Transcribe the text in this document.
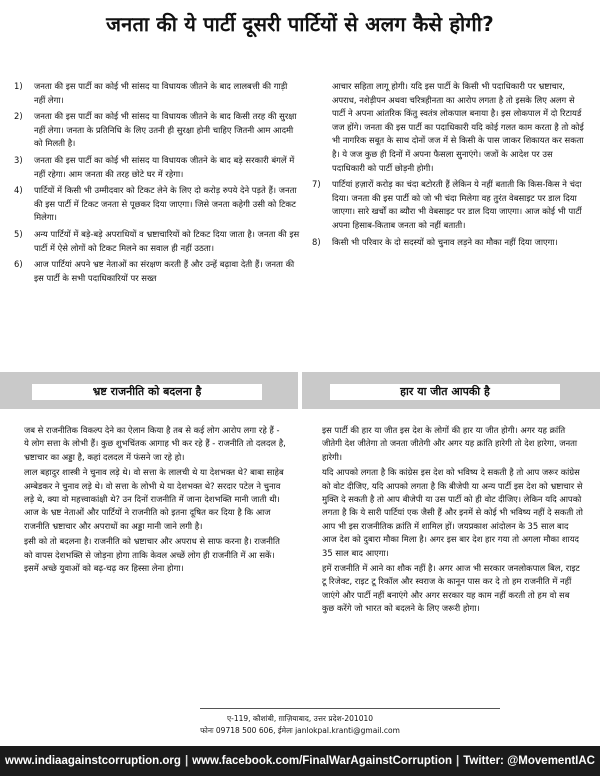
जनता की ये पार्टी दूसरी पार्टियों से अलग कैसे होगी?
1)	जनता की इस पार्टी का कोई भी सांसद या विधायक जीतने के बाद लालबत्ती की गाड़ी नहीं लेगा।
2)	जनता की इस पार्टी का कोई भी सांसद या विधायक जीतने के बाद किसी तरह की सुरक्षा नहीं लेगा। जनता के प्रतिनिधि के लिए उतनी ही सुरक्षा होनी चाहिए जितनी आम आदमी को मिलती है।
3)	जनता की इस पार्टी का कोई भी सांसद या विधायक जीतने के बाद बड़े सरकारी बंगलें में नहीं रहेगा। आम जनता की तरह छोटे घर में रहेगा।
4)	पार्टियों में किसी भी उम्मीदवार को टिकट लेने के लिए दो करोड़ रुपये देने पड़ते हैं। जनता की इस पार्टी में टिकट जनता से पूछकर दिया जाएगा। जिसे जनता कहेगी उसी को टिकट मिलेगा।
5)	अन्य पार्टियों में बड़े-बड़े अपराधियों व भ्रष्टाचारियों को टिकट दिया जाता है। जनता की इस पार्टी में ऐसे लोगों को टिकट मिलने का सवाल ही नहीं उठता।
6)	आज पार्टियां अपने भ्रष्ट नेताओं का संरक्षण करती हैं और उन्हें बढ़ावा देती हैं। जनता की इस पार्टी के सभी पदाधिकारियों पर सख्त

आचार सहिता लागू होगी। यदि इस पार्टी के किसी भी पदाधिकारी पर भ्रष्टाचार, अपराध, नशेड़ीपन अथवा चरित्रहीनता का आरोप लगता है तो इसके लिए अलग से पार्टी ने अपना आंतरिक किंतु स्वतंत्र लोकपाल बनाया है। इस लोकपाल में दो रिटायर्ड जज होंगे। जनता की इस पार्टी का पदाधिकारी यदि कोई गलत काम करता है तो कोई भी नागरिक सबूत के साथ दोनों जज में से किसी के पास जाकर शिकायत कर सकता है। ये जज कुछ ही दिनों में अपना फैसला सुनाएंगे। जजों के आदेश पर उस पदाधिकारी को पार्टी छोड़नी होगी।

7)	पार्टियां हज़ारों करोड़ का चंदा बटोरती हैं लेकिन ये नहीं बताती कि किस-किस ने चंदा दिया। जनता की इस पार्टी को जो भी चंदा मिलेगा वह तुरंत वेबसाइट पर डाल दिया जाएगा। सारे खर्चों का ब्यौरा भी वेबसाइट पर डाल दिया जाएगा। आज कोई भी पार्टी अपना हिसाब-किताब जनता को नहीं बताती।
8)	किसी भी परिवार के दो सदस्यों को चुनाव लड़ने का मौका नहीं दिया जाएगा।
भ्रष्ट राजनीति को बदलना है	हार या जीत आपकी है

जब से राजनीतिक विकल्प देने का ऐलान किया है तब से कई लोग आरोप लगा रहे हैं - ये लोग सत्ता के लोभी हैं। कुछ शुभचिंतक आगाह भी कर रहे हैं - राजनीति तो दलदल है, भ्रष्टाचार का अड्डा है, कहां दलदल में फंसने जा रहे हो।

लाल बहादुर शास्त्री ने चुनाव लड़े थे। वो सत्ता के लालची थे या देशभक्त थे? बाबा साहेब अम्बेडकर ने चुनाव लड़े थे। वो सत्ता के लोभी थे या देशभक्त थे? सरदार पटेल ने चुनाव लड़े थे, क्या वो महत्त्वाकांक्षी थे? उन दिनों राजनीति में जाना देशभक्ति मानी जाती थी। आज के भ्रष्ट नेताओं और पार्टियों ने राजनीति को इतना दूषित कर दिया है कि आज राजनीति भ्रष्टाचार और अपराधों का अड्डा मानी जाने लगी है।

इसी को तो बदलना है। राजनीति को भ्रष्टाचार और अपराध से साफ करना है। राजनीति को वापस देशभक्ति से जोड़ना होगा ताकि केवल अच्छें लोग ही राजनीति में आ सकें। इसमें अच्छे युवाओं को बढ़-चढ़ कर हिस्सा लेना होगा।

इस पार्टी की हार या जीत इस देश के लोगों की हार या जीत होगी। अगर यह क्रांति जीतेगी देश जीतेगा तो जनता जीतेगी और अगर यह क्रांति हारेगी तो देश हारेगा, जनता हारेगी।

यदि आपको लगता है कि कांग्रेस इस देश को भविष्य दे सकती है तो आप जरूर कांग्रेस को वोट दीजिए, यदि आपको लगता है कि बीजेपी या अन्य पार्टी इस देश को भ्रष्टाचार से मुक्ति दे सकती है तो आप बीजेपी या उस पार्टी को ही वोट दीजिए। लेकिन यदि आपको लगता है कि ये सारी पार्टियां एक जैसी हैं और इनमें से कोई भी भविष्य नहीं दे सकती तो आप भी इस राजनीतिक क्रांति में शामिल हों। जयप्रकाश आंदोलन के 35 साल बाद आज देश को दुबारा मौका मिला है। अगर इस बार देश हार गया तो अगला मौका शायद 35 साल बाद आएगा।

हमें राजनीति में आने का शौक नहीं है। अगर आज भी सरकार जनलोकपाल बिल, राइट टू रिजेक्ट, राइट टू रिकॉल और स्वराज के कानून पास कर दे तो हम राजनीति में नहीं जाएंगे और पार्टी नहीं बनाएंगे और अगर सरकार यह काम नहीं करती तो हम वो सब कुछ करेंगे जो भारत को बदलने के लिए जरूरी होगा।

ए-119, कौशांबी, ग़ाज़ियाबाद, उत्तर प्रदेश-201010
फोनः 09718 500 606, ईमेलः janlokpal.kranti@gmail.com
www.indiaagainstcorruption.org | www.facebook.com/FinalWarAgainstCorruption | Twitter: @MovementIAC
